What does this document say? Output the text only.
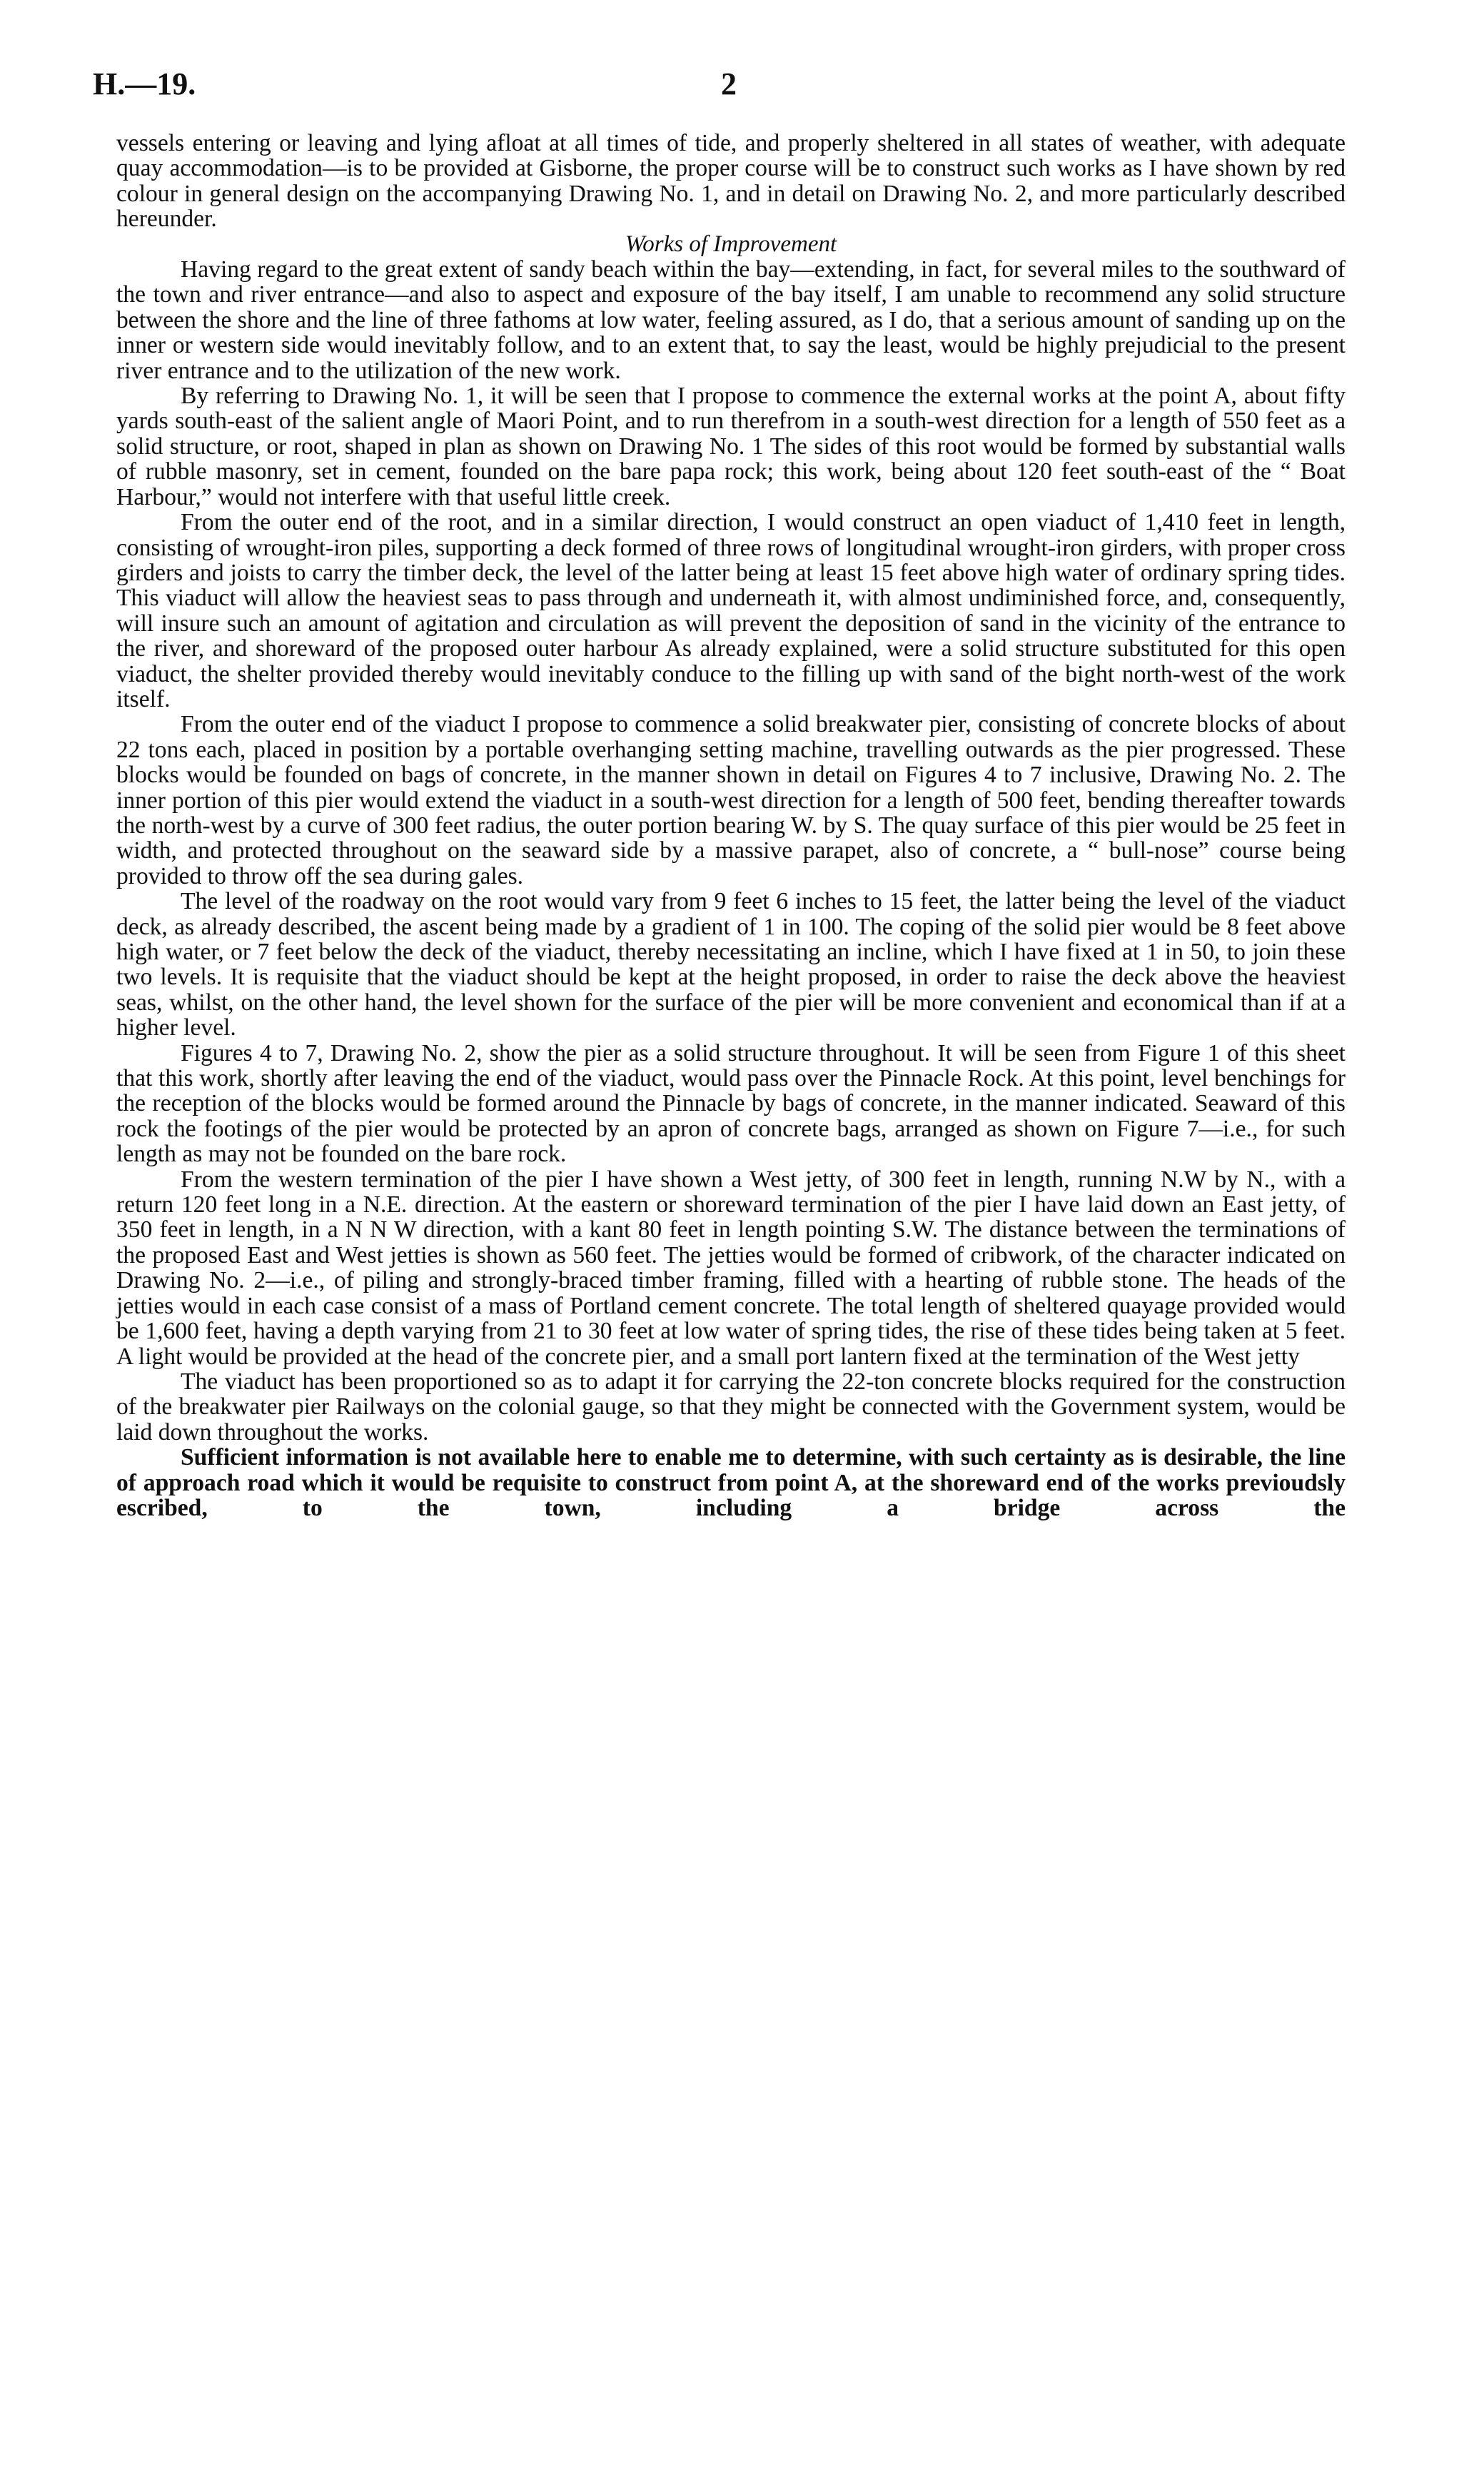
H.—19.	2

vessels entering or leaving and lying afloat at all times of tide, and properly sheltered in all states of weather, with adequate quay accommodation—is to be provided at Gisborne, the proper course will be to construct such works as I have shown by red colour in general design on the accompanying Drawing No. 1, and in detail on Drawing No. 2, and more particularly described hereunder.

Works of Improvement

Having regard to the great extent of sandy beach within the bay—extending, in fact, for several miles to the southward of the town and river entrance—and also to aspect and exposure of the bay itself, I am unable to recommend any solid structure between the shore and the line of three fathoms at low water, feeling assured, as I do, that a serious amount of sanding up on the inner or western side would inevitably follow, and to an extent that, to say the least, would be highly prejudicial to the present river entrance and to the utilization of the new work.

By referring to Drawing No. 1, it will be seen that I propose to commence the external works at the point A, about fifty yards south-east of the salient angle of Maori Point, and to run therefrom in a south-west direction for a length of 550 feet as a solid structure, or root, shaped in plan as shown on Drawing No. 1 The sides of this root would be formed by substantial walls of rubble masonry, set in cement, founded on the bare papa rock; this work, being about 120 feet south-east of the “ Boat Harbour,” would not interfere with that useful little creek.

From the outer end of the root, and in a similar direction, I would construct an open viaduct of 1,410 feet in length, consisting of wrought-iron piles, supporting a deck formed of three rows of longitudinal wrought-iron girders, with proper cross girders and joists to carry the timber deck, the level of the latter being at least 15 feet above high water of ordinary spring tides. This viaduct will allow the heaviest seas to pass through and underneath it, with almost undiminished force, and, consequently, will insure such an amount of agitation and circulation as will prevent the deposition of sand in the vicinity of the entrance to the river, and shoreward of the proposed outer harbour As already explained, were a solid structure substituted for this open viaduct, the shelter provided thereby would inevitably conduce to the filling up with sand of the bight north-west of the work itself.

From the outer end of the viaduct I propose to commence a solid breakwater pier, consisting of concrete blocks of about 22 tons each, placed in position by a portable overhanging setting machine, travelling outwards as the pier progressed. These blocks would be founded on bags of concrete, in the manner shown in detail on Figures 4 to 7 inclusive, Drawing No. 2. The inner portion of this pier would extend the viaduct in a south-west direction for a length of 500 feet, bending thereafter towards the north-west by a curve of 300 feet radius, the outer portion bearing W. by S. The quay surface of this pier would be 25 feet in width, and protected throughout on the seaward side by a massive parapet, also of concrete, a “ bull-nose” course being provided to throw off the sea during gales.

The level of the roadway on the root would vary from 9 feet 6 inches to 15 feet, the latter being the level of the viaduct deck, as already described, the ascent being made by a gradient of 1 in 100. The coping of the solid pier would be 8 feet above high water, or 7 feet below the deck of the viaduct, thereby necessitating an incline, which I have fixed at 1 in 50, to join these two levels. It is requisite that the viaduct should be kept at the height proposed, in order to raise the deck above the heaviest seas, whilst, on the other hand, the level shown for the surface of the pier will be more convenient and economical than if at a higher level.

Figures 4 to 7, Drawing No. 2, show the pier as a solid structure throughout. It will be seen from Figure 1 of this sheet that this work, shortly after leaving the end of the viaduct, would pass over the Pinnacle Rock. At this point, level benchings for the reception of the blocks would be formed around the Pinnacle by bags of concrete, in the manner indicated. Seaward of this rock the footings of the pier would be protected by an apron of concrete bags, arranged as shown on Figure 7—i.e., for such length as may not be founded on the bare rock.

From the western termination of the pier I have shown a West jetty, of 300 feet in length, running N.W by N., with a return 120 feet long in a N.E. direction. At the eastern or shoreward termination of the pier I have laid down an East jetty, of 350 feet in length, in a N N W direction, with a kant 80 feet in length pointing S.W. The distance between the terminations of the proposed East and West jetties is shown as 560 feet. The jetties would be formed of cribwork, of the character indicated on Drawing No. 2—i.e., of piling and strongly-braced timber framing, filled with a hearting of rubble stone. The heads of the jetties would in each case consist of a mass of Portland cement concrete. The total length of sheltered quayage provided would be 1,600 feet, having a depth varying from 21 to 30 feet at low water of spring tides, the rise of these tides being taken at 5 feet. A light would be provided at the head of the concrete pier, and a small port lantern fixed at the termination of the West jetty

The viaduct has been proportioned so as to adapt it for carrying the 22-ton concrete blocks required for the construction of the breakwater pier Railways on the colonial gauge, so that they might be connected with the Government system, would be laid down throughout the works.

Sufficient information is not available here to enable me to determine, with such certainty as is desirable, the line of approach road which it would be requisite to construct from point A, at the shoreward end of the works previoudsly escribed, to the town, including a bridge across the
